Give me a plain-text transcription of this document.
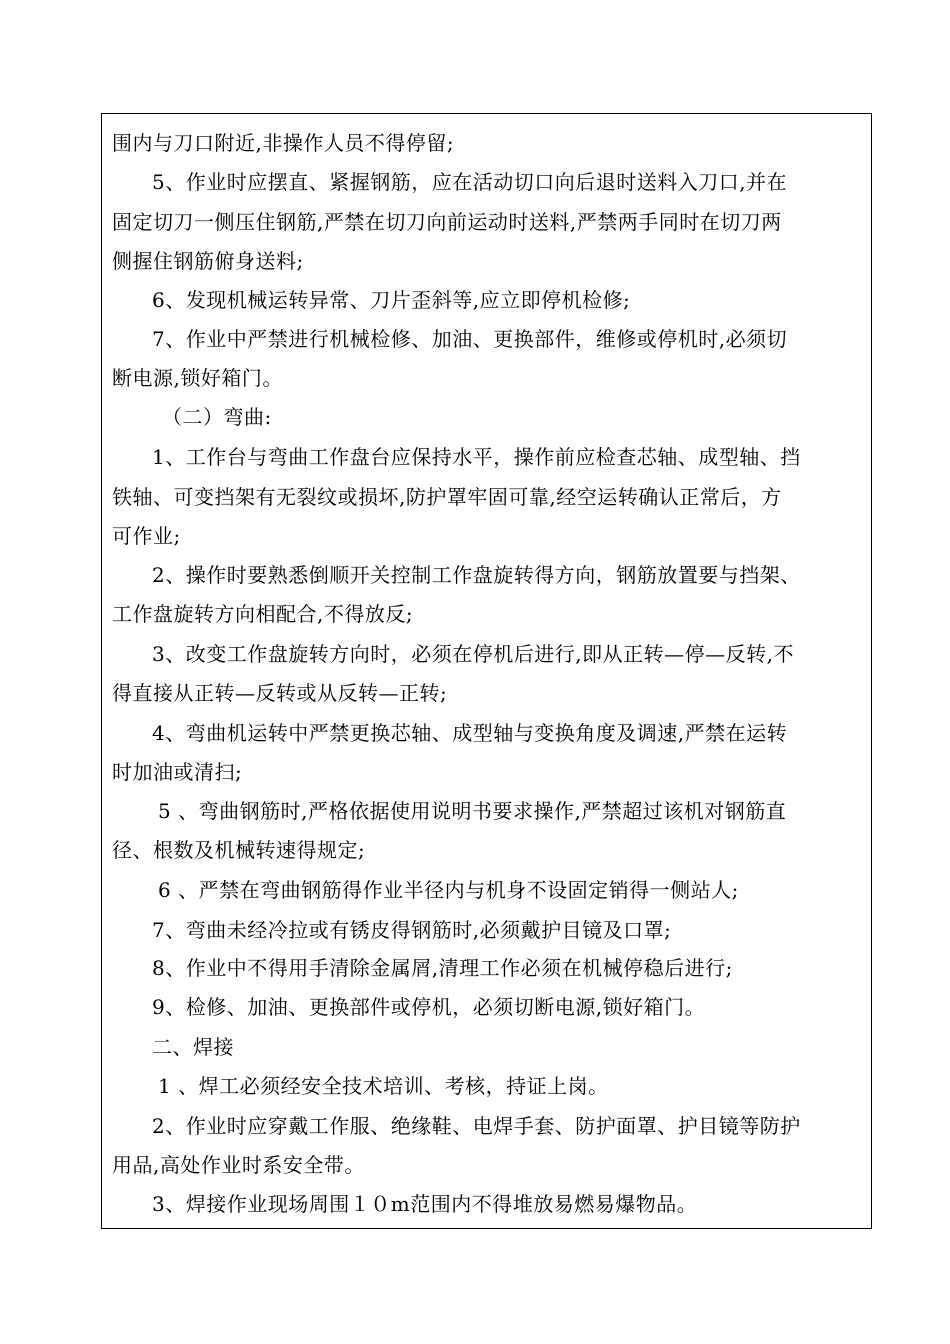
围内与刀口附近,非操作人员不得停留;
5、作业时应摆直、紧握钢筋，应在活动切口向后退时送料入刀口,并在
固定切刀一侧压住钢筋,严禁在切刀向前运动时送料,严禁两手同时在切刀两
侧握住钢筋俯身送料;
6、发现机械运转异常、刀片歪斜等,应立即停机检修;
7、作业中严禁进行机械检修、加油、更换部件，维修或停机时,必须切
断电源,锁好箱门。
（二）弯曲:
1、工作台与弯曲工作盘台应保持水平，操作前应检查芯轴、成型轴、挡
铁轴、可变挡架有无裂纹或损坏,防护罩牢固可靠,经空运转确认正常后，方
可作业;
2、操作时要熟悉倒顺开关控制工作盘旋转得方向，钢筋放置要与挡架、
工作盘旋转方向相配合,不得放反;
3、改变工作盘旋转方向时，必须在停机后进行,即从正转—停—反转,不
得直接从正转—反转或从反转—正转;
4、弯曲机运转中严禁更换芯轴、成型轴与变换角度及调速,严禁在运转
时加油或清扫;
5 、弯曲钢筋时,严格依据使用说明书要求操作,严禁超过该机对钢筋直
径、根数及机械转速得规定;
6 、严禁在弯曲钢筋得作业半径内与机身不设固定销得一侧站人;
7、弯曲未经冷拉或有锈皮得钢筋时,必须戴护目镜及口罩;
8、作业中不得用手清除金属屑,清理工作必须在机械停稳后进行;
9、检修、加油、更换部件或停机，必须切断电源,锁好箱门。
二、焊接
1 、焊工必须经安全技术培训、考核，持证上岗。
2、作业时应穿戴工作服、绝缘鞋、电焊手套、防护面罩、护目镜等防护
用品,高处作业时系安全带。
3、焊接作业现场周围１０m范围内不得堆放易燃易爆物品。
